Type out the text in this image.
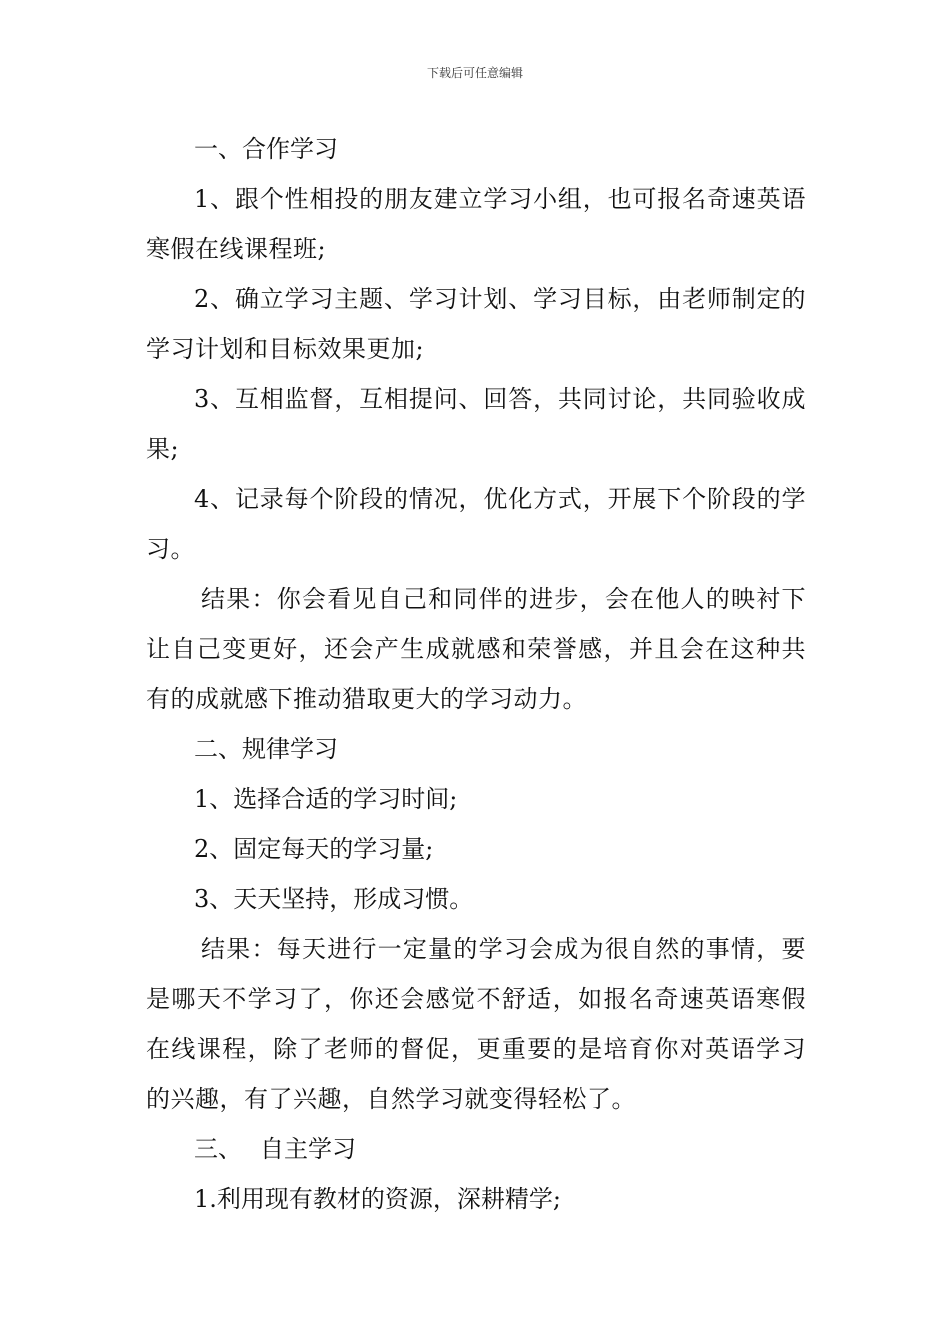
下载后可任意编辑

一、合作学习

1、跟个性相投的朋友建立学习小组，也可报名奇速英语寒假在线课程班;

2、确立学习主题、学习计划、学习目标，由老师制定的学习计划和目标效果更加;

3、互相监督，互相提问、回答，共同讨论，共同验收成果;

4、记录每个阶段的情况，优化方式，开展下个阶段的学习。

结果：你会看见自己和同伴的进步，会在他人的映衬下让自己变更好，还会产生成就感和荣誉感，并且会在这种共有的成就感下推动猎取更大的学习动力。

二、规律学习

1、选择合适的学习时间;

2、固定每天的学习量;

3、天天坚持，形成习惯。

结果：每天进行一定量的学习会成为很自然的事情，要是哪天不学习了，你还会感觉不舒适，如报名奇速英语寒假在线课程，除了老师的督促，更重要的是培育你对英语学习的兴趣，有了兴趣，自然学习就变得轻松了。

三、 自主学习

1.利用现有教材的资源，深耕精学;
